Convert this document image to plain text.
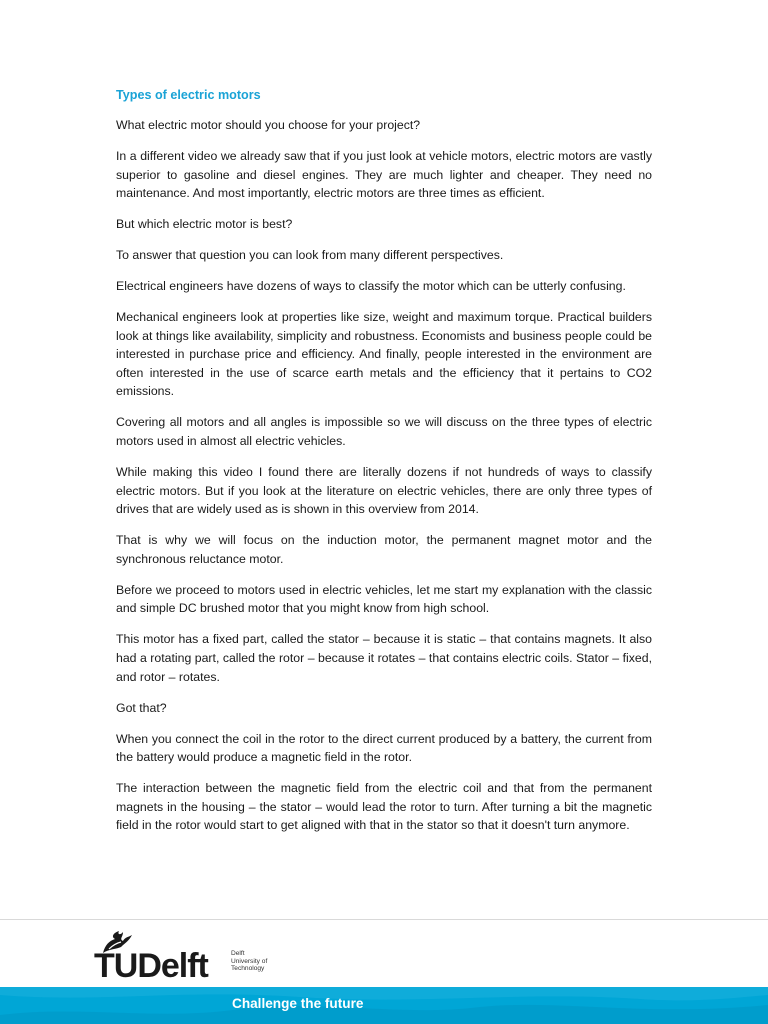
Types of electric motors

What electric motor should you choose for your project?

In a different video we already saw that if you just look at vehicle motors, electric motors are vastly superior to gasoline and diesel engines. They are much lighter and cheaper. They need no maintenance. And most importantly, electric motors are three times as efficient.

But which electric motor is best?

To answer that question you can look from many different perspectives.

Electrical engineers have dozens of ways to classify the motor which can be utterly confusing.

Mechanical engineers look at properties like size, weight and maximum torque. Practical builders look at things like availability, simplicity and robustness. Economists and business people could be interested in purchase price and efficiency. And finally, people interested in the environment are often interested in the use of scarce earth metals and the efficiency that it pertains to CO2 emissions.

Covering all motors and all angles is impossible so we will discuss on the three types of electric motors used in almost all electric vehicles.

While making this video I found there are literally dozens if not hundreds of ways to classify electric motors. But if you look at the literature on electric vehicles, there are only three types of drives that are widely used as is shown in this overview from 2014.

That is why we will focus on the induction motor, the permanent magnet motor and the synchronous reluctance motor.

Before we proceed to motors used in electric vehicles, let me start my explanation with the classic and simple DC brushed motor that you might know from high school.

This motor has a fixed part, called the stator – because it is static – that contains magnets. It also had a rotating part, called the rotor – because it rotates – that contains electric coils. Stator – fixed, and rotor – rotates.

Got that?

When you connect the coil in the rotor to the direct current produced by a battery, the current from the battery would produce a magnetic field in the rotor.

The interaction between the magnetic field from the electric coil and that from the permanent magnets in the housing – the stator – would lead the rotor to turn. After turning a bit the magnetic field in the rotor would start to get aligned with that in the stator so that it doesn't turn anymore.

TUDelft	Delft
University of
Technology
Challenge the future
